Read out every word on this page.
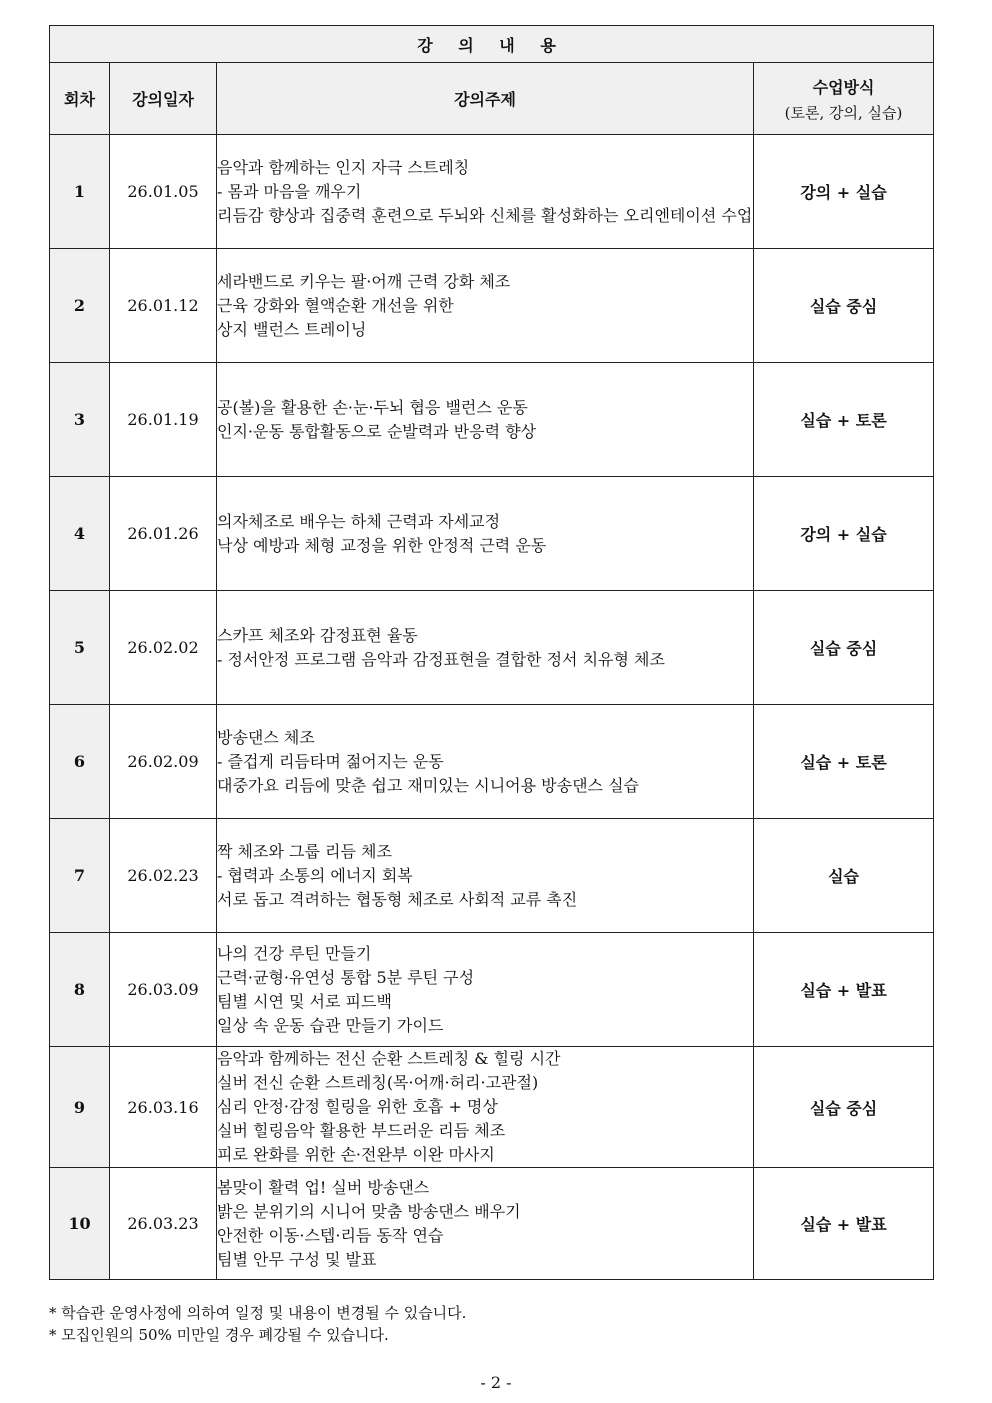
강 의 내 용			
회차	강의일자	강의주제	수업방식
(토론, 강의, 실습)

1	26.01.05	음악과 함께하는 인지 자극 스트레칭
- 몸과 마음을 깨우기
리듬감 향상과 집중력 훈련으로 두뇌와 신체를 활성화하는 오리엔테이션 수업	강의 + 실습
2	26.01.12	세라밴드로 키우는 팔·어깨 근력 강화 체조
근육 강화와 혈액순환 개선을 위한
상지 밸런스 트레이닝	실습 중심
3	26.01.19	공(볼)을 활용한 손·눈·두뇌 협응 밸런스 운동
인지·운동 통합활동으로 순발력과 반응력 향상	실습 + 토론
4	26.01.26	의자체조로 배우는 하체 근력과 자세교정
낙상 예방과 체형 교정을 위한 안정적 근력 운동	강의 + 실습
5	26.02.02	스카프 체조와 감정표현 율동
- 정서안정 프로그램 음악과 감정표현을 결합한 정서 치유형 체조	실습 중심
6	26.02.09	방송댄스 체조
- 즐겁게 리듬타며 젊어지는 운동
대중가요 리듬에 맞춘 쉽고 재미있는 시니어용 방송댄스 실습	실습 + 토론
7	26.02.23	짝 체조와 그룹 리듬 체조
- 협력과 소통의 에너지 회복
서로 돕고 격려하는 협동형 체조로 사회적 교류 촉진	실습
8	26.03.09	나의 건강 루틴 만들기
근력·균형·유연성 통합 5분 루틴 구성
팀별 시연 및 서로 피드백
일상 속 운동 습관 만들기 가이드	실습 + 발표
9	26.03.16	음악과 함께하는 전신 순환 스트레칭 & 힐링 시간
실버 전신 순환 스트레칭(목·어깨·허리·고관절)
심리 안정·감정 힐링을 위한 호흡 + 명상
실버 힐링음악 활용한 부드러운 리듬 체조
피로 완화를 위한 손·전완부 이완 마사지	실습 중심
10	26.03.23	봄맞이 활력 업! 실버 방송댄스
밝은 분위기의 시니어 맞춤 방송댄스 배우기
안전한 이동·스텝·리듬 동작 연습
팀별 안무 구성 및 발표	실습 + 발표
* 학습관 운영사정에 의하여 일정 및 내용이 변경될 수 있습니다.
* 모집인원의 50% 미만일 경우 폐강될 수 있습니다.
- 2 -
